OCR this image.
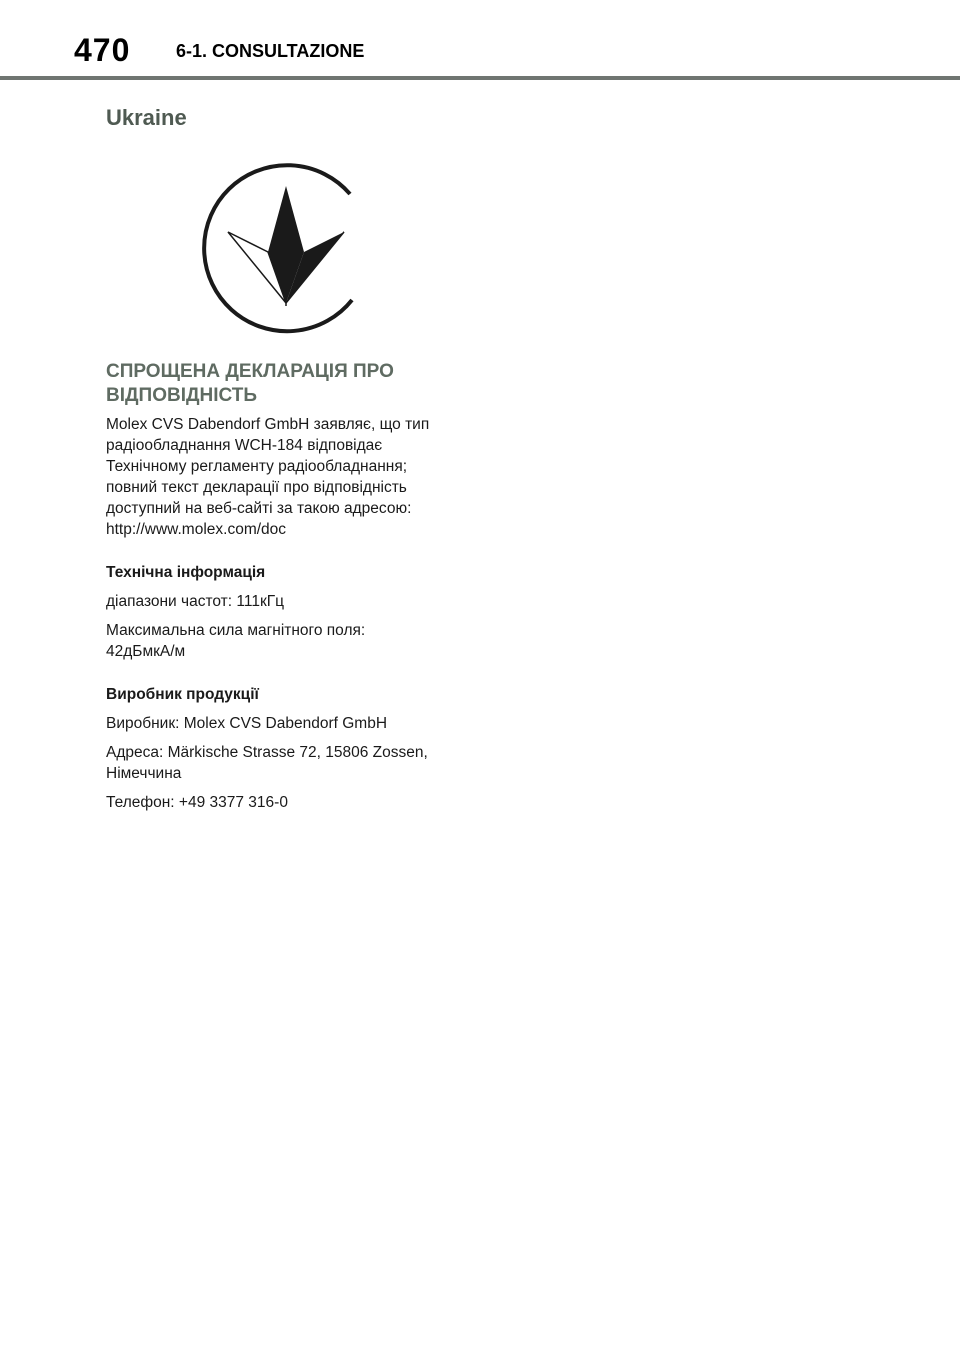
470	6-1. CONSULTAZIONE
Ukraine
СПРОЩЕНА ДЕКЛАРАЦІЯ ПРО
ВІДПОВІДНІСТЬ
Molex CVS Dabendorf GmbH заявляє, що тип
радіообладнання WCH-184 відповідає
Технічному регламенту радіообладнання;
повний текст декларації про відповідність
доступний на веб-сайті за такою адресою:
http://www.molex.com/doc
Технічна інформація
діапазони частот: 111кГц
Максимальна сила магнітного поля:
42дБмкА/м
Виробник продукції
Виробник: Molex CVS Dabendorf GmbH
Адреса: Märkische Strasse 72, 15806 Zossen,
Німеччина
Телефон: +49 3377 316-0
